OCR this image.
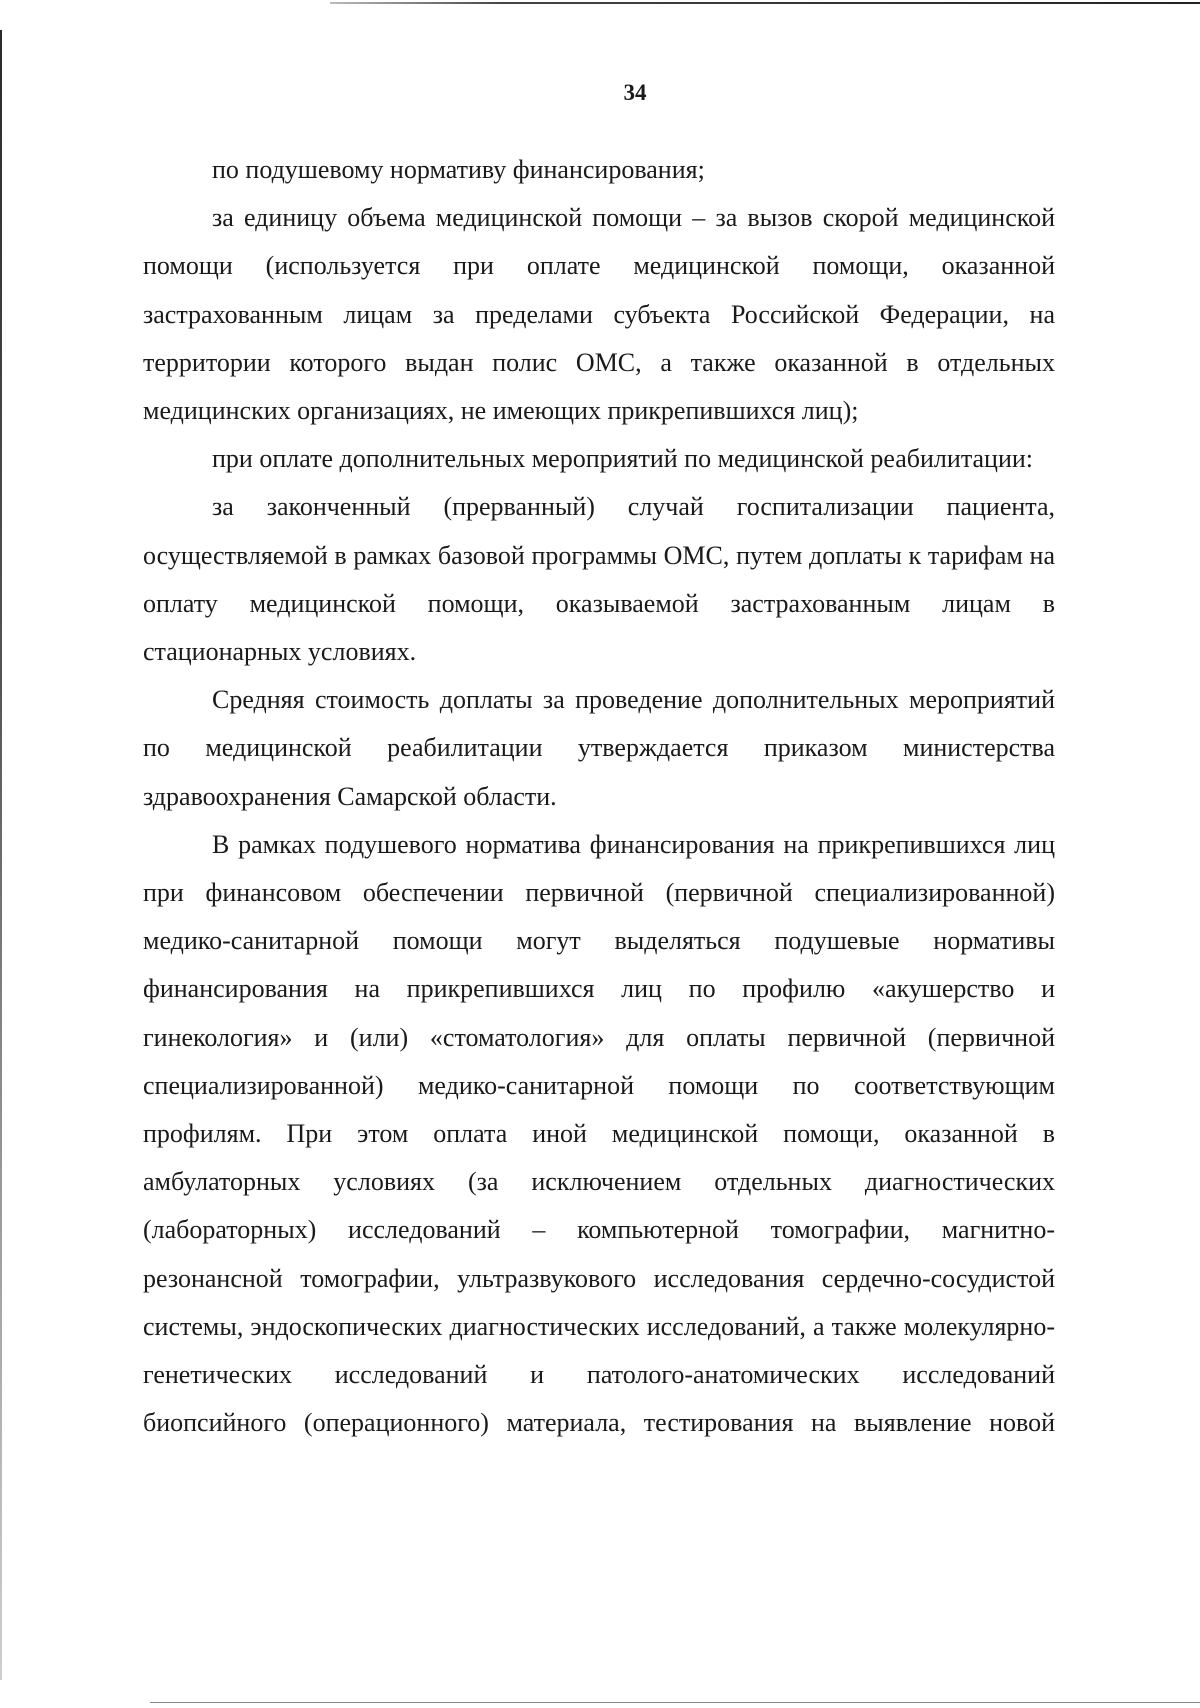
34

по подушевому нормативу финансирования;

за единицу объема медицинской помощи – за вызов скорой медицинской помощи (используется при оплате медицинской помощи, оказанной застрахованным лицам за пределами субъекта Российской Федерации, на территории которого выдан полис ОМС, а также оказанной в отдельных медицинских организациях, не имеющих прикрепившихся лиц);

при оплате дополнительных мероприятий по медицинской реабилитации:

за законченный (прерванный) случай госпитализации пациента, осуществляемой в рамках базовой программы ОМС, путем доплаты к тарифам на оплату медицинской помощи, оказываемой застрахованным лицам в стационарных условиях.

Средняя стоимость доплаты за проведение дополнительных мероприятий по медицинской реабилитации утверждается приказом министерства здравоохранения Самарской области.

В рамках подушевого норматива финансирования на прикрепившихся лиц при финансовом обеспечении первичной (первичной специализированной) медико-санитарной помощи могут выделяться подушевые нормативы финансирования на прикрепившихся лиц по профилю «акушерство и гинекология» и (или) «стоматология» для оплаты первичной (первичной специализированной) медико-санитарной помощи по соответствующим профилям. При этом оплата иной медицинской помощи, оказанной в амбулаторных условиях (за исключением отдельных диагностических (лабораторных) исследований – компьютерной томографии, магнитно-резонансной томографии, ультразвукового исследования сердечно-сосудистой системы, эндоскопических диагностических исследований, а также молекулярно-генетических исследований и патолого-анатомических исследований биопсийного (операционного) материала, тестирования на выявление новой
